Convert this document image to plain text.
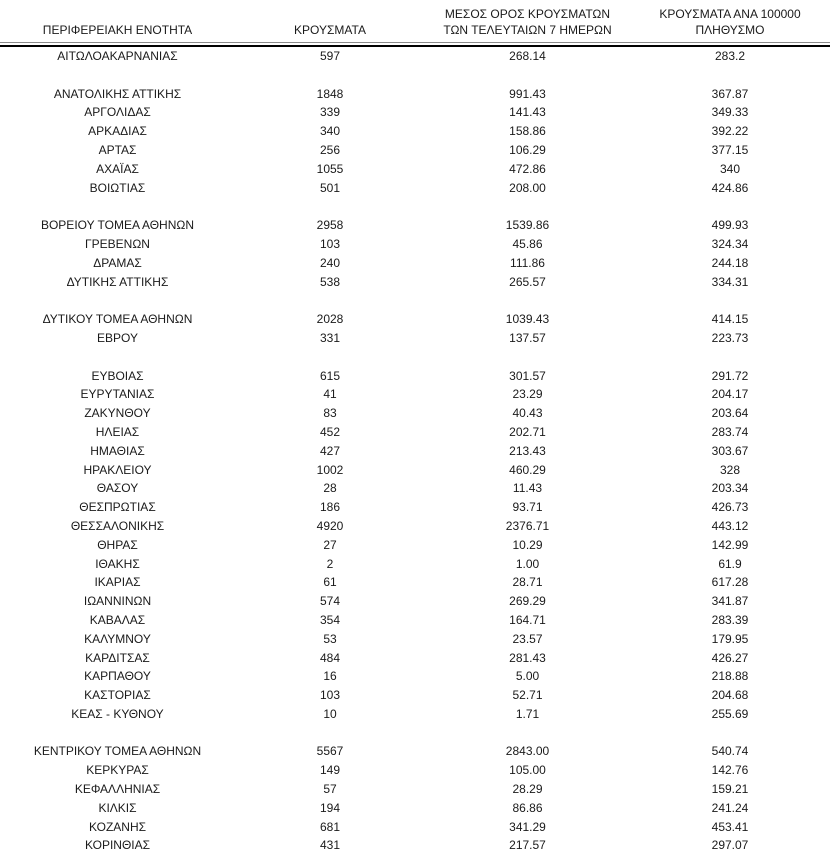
ΠΕΡΙΦΕΡΕΙΑΚΗ ΕΝΟΤΗΤΑ	ΚΡΟΥΣΜΑΤΑ
ΜΕΣΟΣ ΟΡΟΣ ΚΡΟΥΣΜΑΤΩΝ
ΤΩΝ ΤΕΛΕΥΤΑΙΩΝ 7 ΗΜΕΡΩΝ
ΚΡΟΥΣΜΑΤΑ ΑΝΑ 100000
ΠΛΗΘΥΣΜΟ
ΑΙΤΩΛΟΑΚΑΡΝΑΝΙΑΣ	597	268.14	283.2
ΑΝΑΤΟΛΙΚΗΣ ΑΤΤΙΚΗΣ	1848	991.43	367.87
ΑΡΓΟΛΙΔΑΣ	339	141.43	349.33
ΑΡΚΑΔΙΑΣ	340	158.86	392.22
ΑΡΤΑΣ	256	106.29	377.15
ΑΧΑΪΑΣ	1055	472.86	340
ΒΟΙΩΤΙΑΣ	501	208.00	424.86
ΒΟΡΕΙΟΥ ΤΟΜΕΑ ΑΘΗΝΩΝ	2958	1539.86	499.93
ΓΡΕΒΕΝΩΝ	103	45.86	324.34
ΔΡΑΜΑΣ	240	111.86	244.18
ΔΥΤΙΚΗΣ ΑΤΤΙΚΗΣ	538	265.57	334.31
ΔΥΤΙΚΟΥ ΤΟΜΕΑ ΑΘΗΝΩΝ	2028	1039.43	414.15
ΕΒΡΟΥ	331	137.57	223.73
ΕΥΒΟΙΑΣ	615	301.57	291.72
ΕΥΡΥΤΑΝΙΑΣ	41	23.29	204.17
ΖΑΚΥΝΘΟΥ	83	40.43	203.64
ΗΛΕΙΑΣ	452	202.71	283.74
ΗΜΑΘΙΑΣ	427	213.43	303.67
ΗΡΑΚΛΕΙΟΥ	1002	460.29	328
ΘΑΣΟΥ	28	11.43	203.34
ΘΕΣΠΡΩΤΙΑΣ	186	93.71	426.73
ΘΕΣΣΑΛΟΝΙΚΗΣ	4920	2376.71	443.12
ΘΗΡΑΣ	27	10.29	142.99
ΙΘΑΚΗΣ	2	1.00	61.9
ΙΚΑΡΙΑΣ	61	28.71	617.28
ΙΩΑΝΝΙΝΩΝ	574	269.29	341.87
ΚΑΒΑΛΑΣ	354	164.71	283.39
ΚΑΛΥΜΝΟΥ	53	23.57	179.95
ΚΑΡΔΙΤΣΑΣ	484	281.43	426.27
ΚΑΡΠΑΘΟΥ	16	5.00	218.88
ΚΑΣΤΟΡΙΑΣ	103	52.71	204.68
ΚΕΑΣ - ΚΥΘΝΟΥ	10	1.71	255.69
ΚΕΝΤΡΙΚΟΥ ΤΟΜΕΑ ΑΘΗΝΩΝ	5567	2843.00	540.74
ΚΕΡΚΥΡΑΣ	149	105.00	142.76
ΚΕΦΑΛΛΗΝΙΑΣ	57	28.29	159.21
ΚΙΛΚΙΣ	194	86.86	241.24
ΚΟΖΑΝΗΣ	681	341.29	453.41
ΚΟΡΙΝΘΙΑΣ	431	217.57	297.07
